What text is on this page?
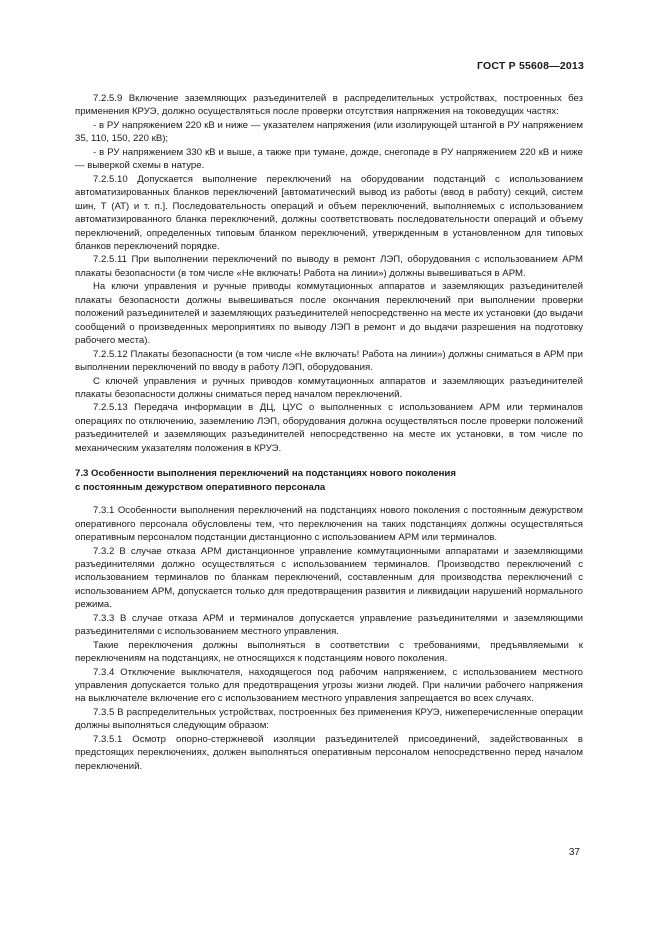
ГОСТ Р 55608—2013

7.2.5.9 Включение заземляющих разъединителей в распределительных устройствах, построенных без применения КРУЭ, должно осуществляться после проверки отсутствия напряжения на токоведущих частях:

- в РУ напряжением 220 кВ и ниже — указателем напряжения (или изолирующей штангой в РУ напряжением 35, 110, 150, 220 кВ);

- в РУ напряжением 330 кВ и выше, а также при тумане, дожде, снегопаде в РУ напряжением 220 кВ и ниже — выверкой схемы в натуре.

7.2.5.10 Допускается выполнение переключений на оборудовании подстанций с использованием автоматизированных бланков переключений [автоматический вывод из работы (ввод в работу) секций, систем шин, Т (АТ) и т. п.]. Последовательность операций и объем переключений, выполняемых с использованием автоматизированного бланка переключений, должны соответствовать последовательности операций и объему переключений, определенных типовым бланком переключений, утвержденным в установленном для типовых бланков переключений порядке.

7.2.5.11 При выполнении переключений по выводу в ремонт ЛЭП, оборудования с использованием АРМ плакаты безопасности (в том числе «Не включать! Работа на линии») должны вывешиваться в АРМ.

На ключи управления и ручные приводы коммутационных аппаратов и заземляющих разъединителей плакаты безопасности должны вывешиваться после окончания переключений при выполнении проверки положений разъединителей и заземляющих разъединителей непосредственно на месте их установки (до выдачи сообщений о произведенных мероприятиях по выводу ЛЭП в ремонт и до выдачи разрешения на подготовку рабочего места).

7.2.5.12 Плакаты безопасности (в том числе «Не включать! Работа на линии») должны сниматься в АРМ при выполнении переключений по вводу в работу ЛЭП, оборудования.

С ключей управления и ручных приводов коммутационных аппаратов и заземляющих разъединителей плакаты безопасности должны сниматься перед началом переключений.

7.2.5.13 Передача информации в ДЦ, ЦУС о выполненных с использованием АРМ или терминалов операциях по отключению, заземлению ЛЭП, оборудования должна осуществляться после проверки положений разъединителей и заземляющих разъединителей непосредственно на месте их установки, в том числе по механическим указателям положения в КРУЭ.

7.3 Особенности выполнения переключений на подстанциях нового поколения
с постоянным дежурством оперативного персонала

7.3.1 Особенности выполнения переключений на подстанциях нового поколения с постоянным дежурством оперативного персонала обусловлены тем, что переключения на таких подстанциях должны осуществляться оперативным персоналом подстанции дистанционно с использованием АРМ или терминалов.

7.3.2 В случае отказа АРМ дистанционное управление коммутационными аппаратами и заземляющими разъединителями должно осуществляться с использованием терминалов. Производство переключений с использованием терминалов по бланкам переключений, составленным для производства переключений с использованием АРМ, допускается только для предотвращения развития и ликвидации нарушений нормального режима.

7.3.3 В случае отказа АРМ и терминалов допускается управление разъединителями и заземляющими разъединителями с использованием местного управления.

Такие переключения должны выполняться в соответствии с требованиями, предъявляемыми к переключениям на подстанциях, не относящихся к подстанциям нового поколения.

7.3.4 Отключение выключателя, находящегося под рабочим напряжением, с использованием местного управления допускается только для предотвращения угрозы жизни людей. При наличии рабочего напряжения на выключателе включение его с использованием местного управления запрещается во всех случаях.

7.3.5 В распределительных устройствах, построенных без применения КРУЭ, нижеперечисленные операции должны выполняться следующим образом:

7.3.5.1 Осмотр опорно-стержневой изоляции разъединителей присоединений, задействованных в предстоящих переключениях, должен выполняться оперативным персоналом непосредственно перед началом переключений.

37
